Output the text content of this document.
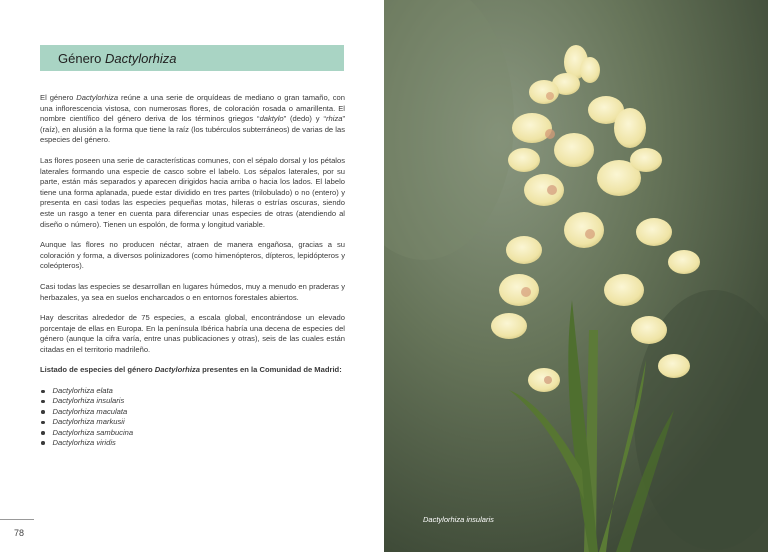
Género Dactylorhiza

El género Dactylorhiza reúne a una serie de orquídeas de mediano o gran tamaño, con una inflorescencia vistosa, con numerosas flores, de coloración rosada o amarillenta. El nombre científico del género deriva de los términos griegos “daktylo” (dedo) y “rhiza” (raíz), en alusión a la forma que tiene la raíz (los tubérculos subterráneos) de varias de las especies del género.

Las flores poseen una serie de características comunes, con el sépalo dorsal y los pétalos laterales formando una especie de casco sobre el labelo. Los sépalos laterales, por su parte, están más separados y aparecen dirigidos hacia arriba o hacia los lados. El labelo tiene una forma aplanada, puede estar dividido en tres partes (trilobulado) o no (entero) y presenta en casi todas las especies pequeñas motas, hileras o estrías oscuras, siendo este un rasgo a tener en cuenta para diferenciar unas especies de otras (atendiendo al diseño o número). Tienen un espolón, de forma y longitud variable.

Aunque las flores no producen néctar, atraen de manera engañosa, gracias a su coloración y forma, a diversos polinizadores (como himenópteros, dípteros, lepidópteros y coleópteros).

Casi todas las especies se desarrollan en lugares húmedos, muy a menudo en praderas y herbazales, ya sea en suelos encharcados o en entornos forestales abiertos.

Hay descritas alrededor de 75 especies, a escala global, encontrándose un elevado porcentaje de ellas en Europa. En la península Ibérica habría una decena de especies del género (aunque la cifra varía, entre unas publicaciones y otras), seis de las cuales están citadas en el territorio madrileño.

Listado de especies del género Dactylorhiza presentes en la Comunidad de Madrid:

Dactylorhiza elata
Dactylorhiza insularis
Dactylorhiza maculata
Dactylorhiza markusii
Dactylorhiza sambucina
Dactylorhiza viridis
78
Dactylorhiza insularis
